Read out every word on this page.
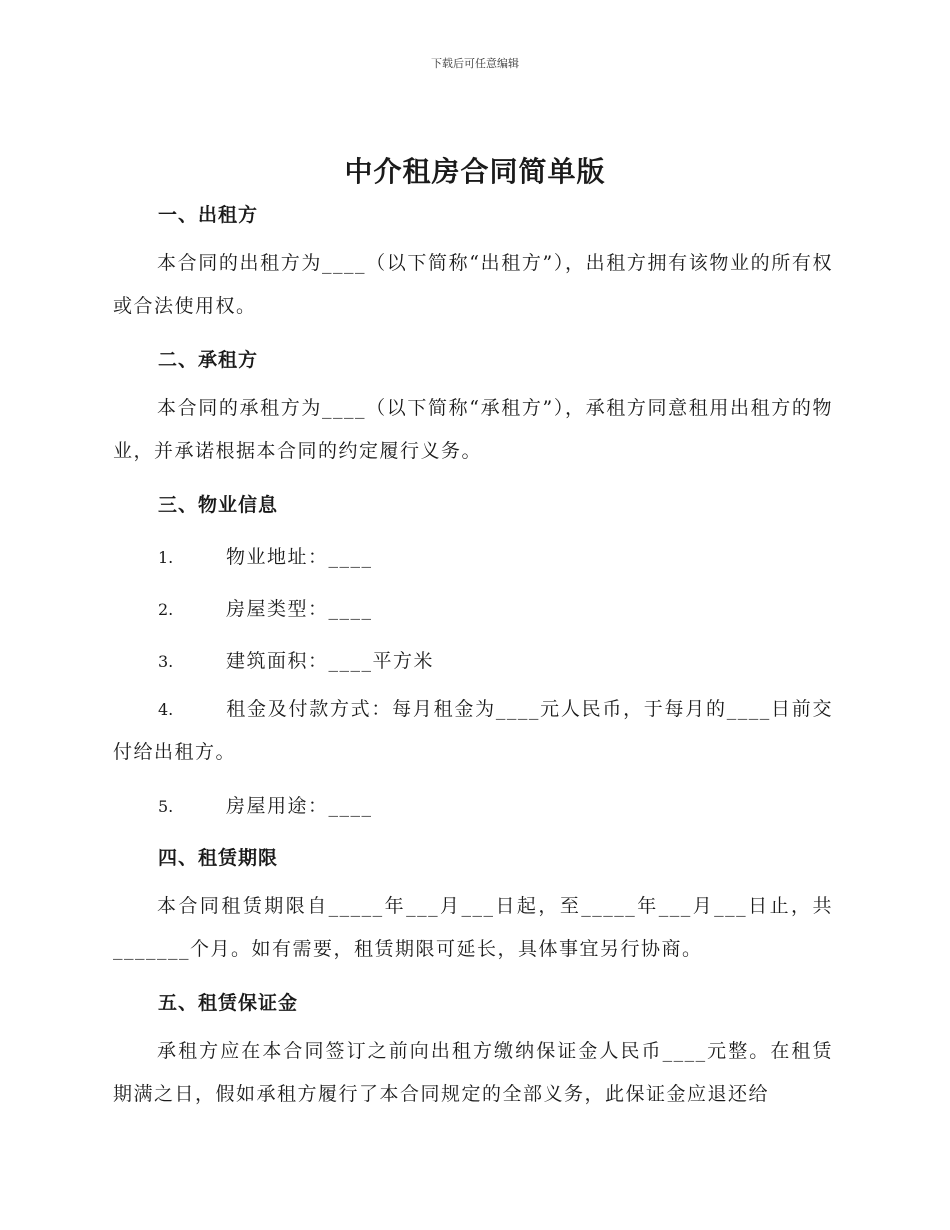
下载后可任意编辑
中介租房合同简单版
一、出租方
本合同的出租方为____（以下简称“出租方”），出租方拥有该物业的所有权或合法使用权。
二、承租方
本合同的承租方为____（以下简称“承租方”），承租方同意租用出租方的物业，并承诺根据本合同的约定履行义务。
三、物业信息
1.	物业地址：____
2.	房屋类型：____
3.	建筑面积：____平方米
4.	租金及付款方式：每月租金为____元人民币，于每月的____日前交付给出租方。
5.	房屋用途：____
四、租赁期限
本合同租赁期限自_____年___月___日起，至_____年___月___日止，共_______个月。如有需要，租赁期限可延长，具体事宜另行协商。
五、租赁保证金
承租方应在本合同签订之前向出租方缴纳保证金人民币____元整。在租赁期满之日，假如承租方履行了本合同规定的全部义务，此保证金应退还给
